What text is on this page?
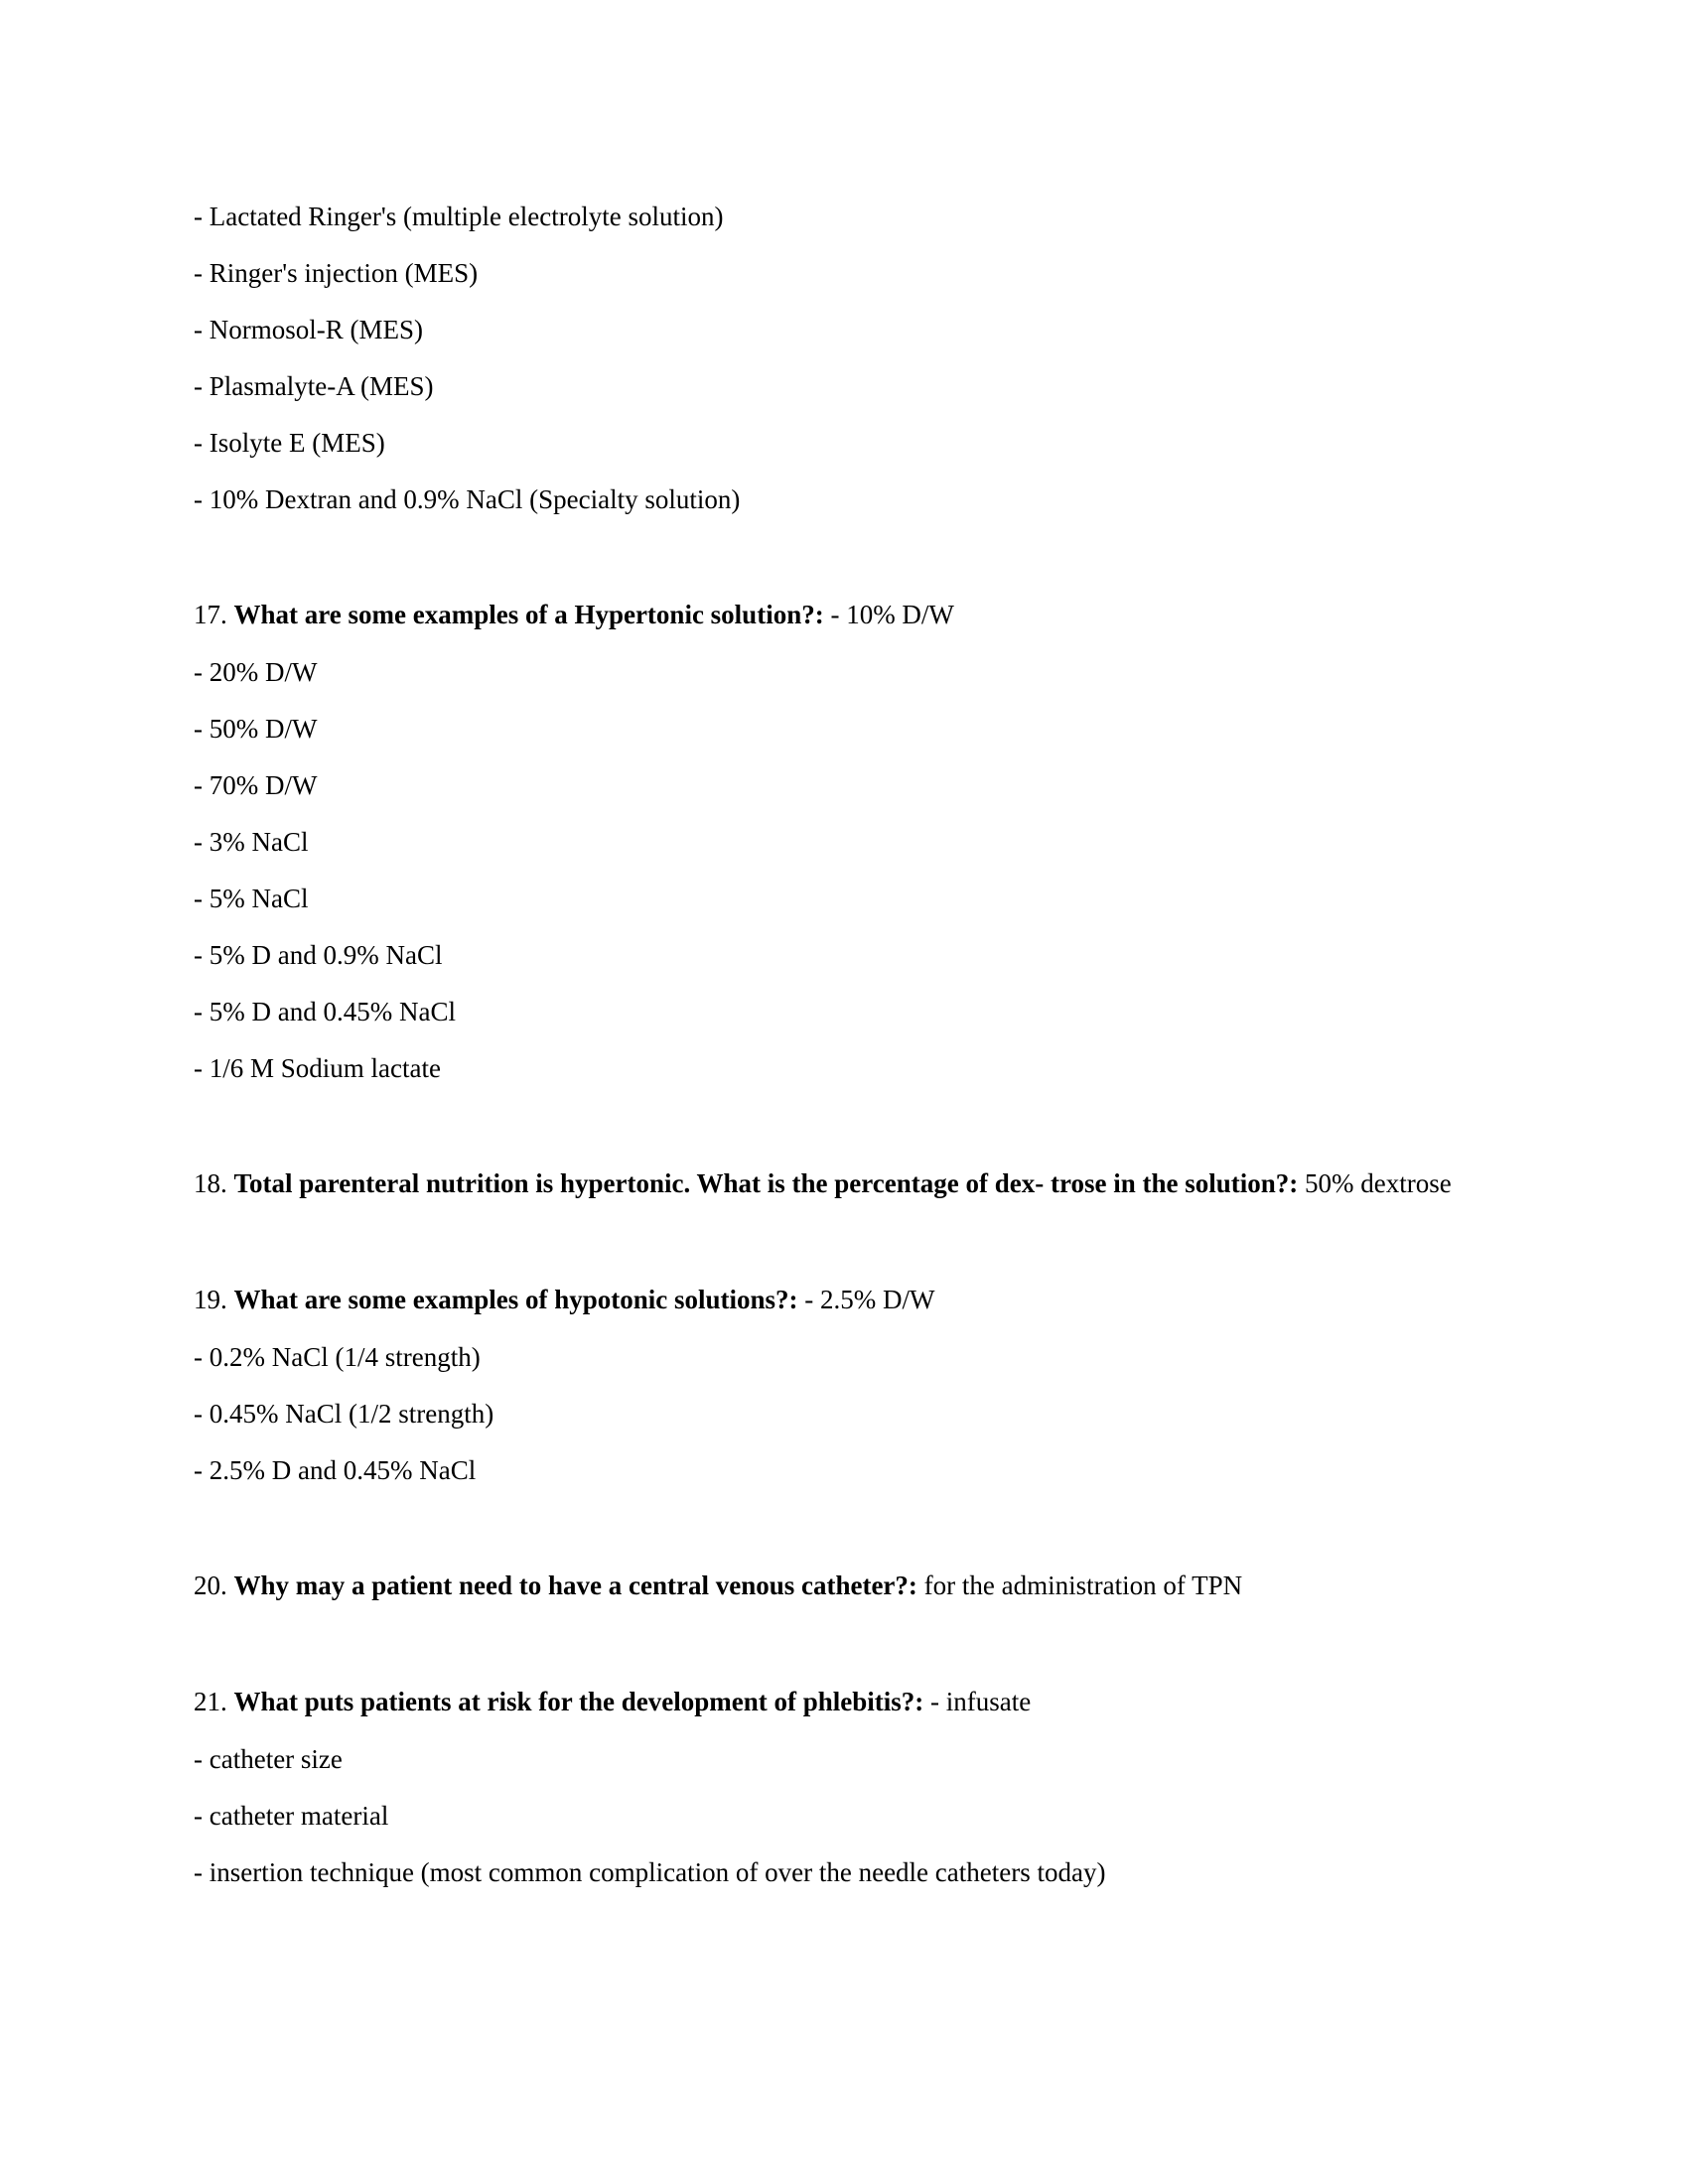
- Lactated Ringer's (multiple electrolyte solution)
- Ringer's injection (MES)
- Normosol-R (MES)
- Plasmalyte-A (MES)
- Isolyte E (MES)
- 10% Dextran and 0.9% NaCl (Specialty solution)
17. What are some examples of a Hypertonic solution?: - 10% D/W
- 20% D/W
- 50% D/W
- 70% D/W
- 3% NaCl
- 5% NaCl
- 5% D and 0.9% NaCl
- 5% D and 0.45% NaCl
- 1/6 M Sodium lactate
18. Total parenteral nutrition is hypertonic. What is the percentage of dex- trose in the solution?: 50% dextrose
19. What are some examples of hypotonic solutions?: - 2.5% D/W
- 0.2% NaCl (1/4 strength)
- 0.45% NaCl (1/2 strength)
- 2.5% D and 0.45% NaCl
20. Why may a patient need to have a central venous catheter?: for the administration of TPN
21. What puts patients at risk for the development of phlebitis?: - infusate
- catheter size
- catheter material
- insertion technique (most common complication of over the needle catheters today)
